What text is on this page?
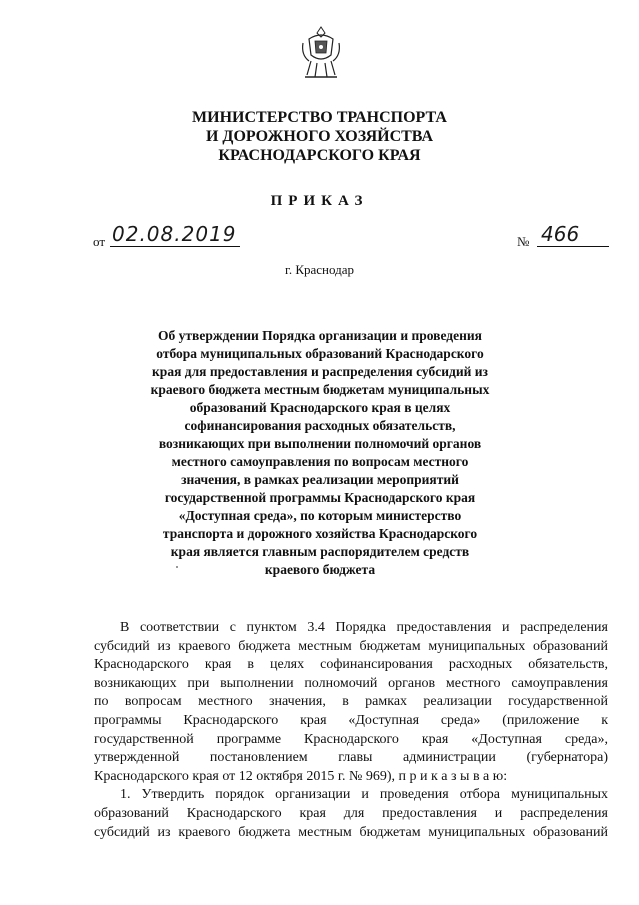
МИНИСТЕРСТВО ТРАНСПОРТА
И ДОРОЖНОГО ХОЗЯЙСТВА
КРАСНОДАРСКОГО КРАЯ
ПРИКАЗ
от 02.08.2019	№ 466
г. Краснодар
Об утверждении Порядка организации и проведения
отбора муниципальных образований Краснодарского
края для предоставления и распределения субсидий из
краевого бюджета местным бюджетам муниципальных
образований Краснодарского края в целях
софинансирования расходных обязательств,
возникающих при выполнении полномочий органов
местного самоуправления по вопросам местного
значения, в рамках реализации мероприятий
государственной программы Краснодарского края
«Доступная среда», по которым министерство
транспорта и дорожного хозяйства Краснодарского
края является главным распорядителем средств
краевого бюджета
В соответствии с пунктом 3.4 Порядка предоставления и распределения
субсидий из краевого бюджета местным бюджетам муниципальных образований
Краснодарского края в целях софинансирования расходных обязательств,
возникающих при выполнении полномочий органов местного самоуправления
по вопросам местного значения, в рамках реализации государственной
программы Краснодарского края «Доступная среда» (приложение к
государственной программе Краснодарского края «Доступная среда»,
утвержденной постановлением главы администрации (губернатора)
Краснодарского края от 12 октября 2015 г. № 969), п р и к а з ы в а ю:
1. Утвердить порядок организации и проведения отбора муниципальных
образований Краснодарского края для предоставления и распределения
субсидий из краевого бюджета местным бюджетам муниципальных образований
